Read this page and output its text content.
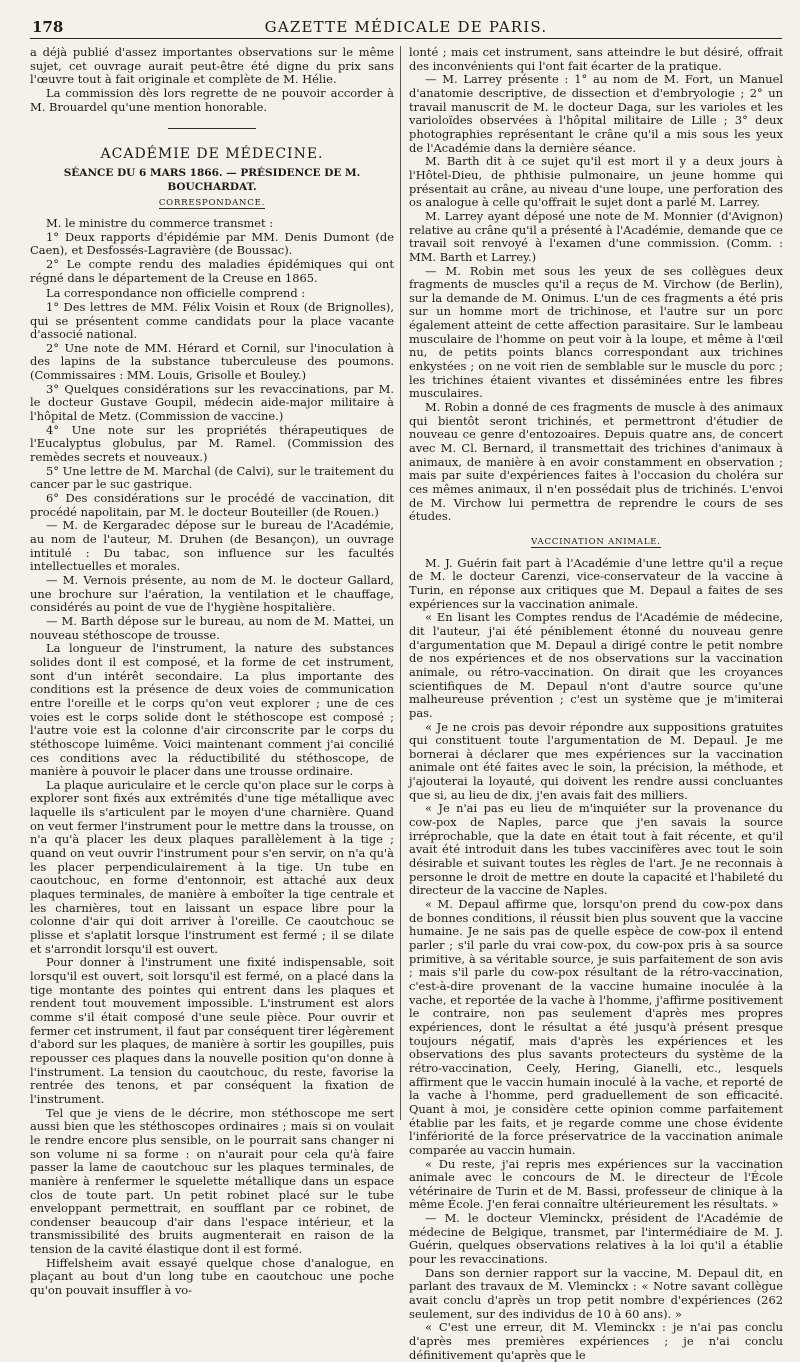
178	GAZETTE MÉDICALE DE PARIS.

a déjà publié d'assez importantes observations sur le même sujet, cet ouvrage aurait peut-être été digne du prix sans l'œuvre tout à fait originale et complète de M. Hélie.

La commission dès lors regrette de ne pouvoir accorder à M. Brouardel qu'une mention honorable.

ACADÉMIE DE MÉDECINE.

SÉANCE DU 6 MARS 1866. — PRÉSIDENCE DE M. BOUCHARDAT.

CORRESPONDANCE.

M. le ministre du commerce transmet :

1° Deux rapports d'épidémie par MM. Denis Dumont (de Caen), et Desfossés-Lagravière (de Boussac).

2° Le compte rendu des maladies épidémiques qui ont régné dans le département de la Creuse en 1865.

La correspondance non officielle comprend :

1° Des lettres de MM. Félix Voisin et Roux (de Brignolles), qui se présentent comme candidats pour la place vacante d'associé national.

2° Une note de MM. Hérard et Cornil, sur l'inoculation à des lapins de la substance tuberculeuse des poumons. (Commissaires : MM. Louis, Grisolle et Bouley.)

3° Quelques considérations sur les revaccinations, par M. le docteur Gustave Goupil, médecin aide-major militaire à l'hôpital de Metz. (Commission de vaccine.)

4° Une note sur les propriétés thérapeutiques de l'Eucalyptus globulus, par M. Ramel. (Commission des remèdes secrets et nouveaux.)

5° Une lettre de M. Marchal (de Calvi), sur le traitement du cancer par le suc gastrique.

6° Des considérations sur le procédé de vaccination, dit procédé napolitain, par M. le docteur Bouteiller (de Rouen.)

— M. de Kergaradec dépose sur le bureau de l'Académie, au nom de l'auteur, M. Druhen (de Besançon), un ouvrage intitulé : Du tabac, son influence sur les facultés intellectuelles et morales.

— M. Vernois présente, au nom de M. le docteur Gallard, une brochure sur l'aération, la ventilation et le chauffage, considérés au point de vue de l'hygiène hospitalière.

— M. Barth dépose sur le bureau, au nom de M. Mattei, un nouveau stéthoscope de trousse.

La longueur de l'instrument, la nature des substances solides dont il est composé, et la forme de cet instrument, sont d'un intérêt secondaire. La plus importante des conditions est la présence de deux voies de communication entre l'oreille et le corps qu'on veut explorer ; une de ces voies est le corps solide dont le stéthoscope est composé ; l'autre voie est la colonne d'air circonscrite par le corps du stéthoscope luimême. Voici maintenant comment j'ai concilié ces conditions avec la réductibilité du stéthoscope, de manière à pouvoir le placer dans une trousse ordinaire.

La plaque auriculaire et le cercle qu'on place sur le corps à explorer sont fixés aux extrémités d'une tige métallique avec laquelle ils s'articulent par le moyen d'une charnière. Quand on veut fermer l'instrument pour le mettre dans la trousse, on n'a qu'à placer les deux plaques parallèlement à la tige ; quand on veut ouvrir l'instrument pour s'en servir, on n'a qu'à les placer perpendiculairement à la tige. Un tube en caoutchouc, en forme d'entonnoir, est attaché aux deux plaques terminales, de manière à emboîter la tige centrale et les charnières, tout en laissant un espace libre pour la colonne d'air qui doit arriver à l'oreille. Ce caoutchouc se plisse et s'aplatit lorsque l'instrument est fermé ; il se dilate et s'arrondit lorsqu'il est ouvert.

Pour donner à l'instrument une fixité indispensable, soit lorsqu'il est ouvert, soit lorsqu'il est fermé, on a placé dans la tige montante des pointes qui entrent dans les plaques et rendent tout mouvement impossible. L'instrument est alors comme s'il était composé d'une seule pièce. Pour ouvrir et fermer cet instrument, il faut par conséquent tirer légèrement d'abord sur les plaques, de manière à sortir les goupilles, puis repousser ces plaques dans la nouvelle position qu'on donne à l'instrument. La tension du caoutchouc, du reste, favorise la rentrée des tenons, et par conséquent la fixation de l'instrument.

Tel que je viens de le décrire, mon stéthoscope me sert aussi bien que les stéthoscopes ordinaires ; mais si on voulait le rendre encore plus sensible, on le pourrait sans changer ni son volume ni sa forme : on n'aurait pour cela qu'à faire passer la lame de caoutchouc sur les plaques terminales, de manière à renfermer le squelette métallique dans un espace clos de toute part. Un petit robinet placé sur le tube enveloppant permettrait, en soufflant par ce robinet, de condenser beaucoup d'air dans l'espace intérieur, et la transmissibilité des bruits augmenterait en raison de la tension de la cavité élastique dont il est formé.

Hiffelsheim avait essayé quelque chose d'analogue, en plaçant au bout d'un long tube en caoutchouc une poche qu'on pouvait insuffler à vo-

lonté ; mais cet instrument, sans atteindre le but désiré, offrait des inconvénients qui l'ont fait écarter de la pratique.

— M. Larrey présente : 1° au nom de M. Fort, un Manuel d'anatomie descriptive, de dissection et d'embryologie ; 2° un travail manuscrit de M. le docteur Daga, sur les varioles et les varioloïdes observées à l'hôpital militaire de Lille ; 3° deux photographies représentant le crâne qu'il a mis sous les yeux de l'Académie dans la dernière séance.

M. Barth dit à ce sujet qu'il est mort il y a deux jours à l'Hôtel-Dieu, de phthisie pulmonaire, un jeune homme qui présentait au crâne, au niveau d'une loupe, une perforation des os analogue à celle qu'offrait le sujet dont a parlé M. Larrey.

M. Larrey ayant déposé une note de M. Monnier (d'Avignon) relative au crâne qu'il a présenté à l'Académie, demande que ce travail soit renvoyé à l'examen d'une commission. (Comm. : MM. Barth et Larrey.)

— M. Robin met sous les yeux de ses collègues deux fragments de muscles qu'il a reçus de M. Virchow (de Berlin), sur la demande de M. Onimus. L'un de ces fragments a été pris sur un homme mort de trichinose, et l'autre sur un porc également atteint de cette affection parasitaire. Sur le lambeau musculaire de l'homme on peut voir à la loupe, et même à l'œil nu, de petits points blancs correspondant aux trichines enkystées ; on ne voit rien de semblable sur le muscle du porc ; les trichines étaient vivantes et disséminées entre les fibres musculaires.

M. Robin a donné de ces fragments de muscle à des animaux qui bientôt seront trichinés, et permettront d'étudier de nouveau ce genre d'entozoaires. Depuis quatre ans, de concert avec M. Cl. Bernard, il transmettait des trichines d'animaux à animaux, de manière à en avoir constamment en observation ; mais par suite d'expériences faites à l'occasion du choléra sur ces mêmes animaux, il n'en possédait plus de trichinés. L'envoi de M. Virchow lui permettra de reprendre le cours de ses études.

VACCINATION ANIMALE.

M. J. Guérin fait part à l'Académie d'une lettre qu'il a reçue de M. le docteur Carenzi, vice-conservateur de la vaccine à Turin, en réponse aux critiques que M. Depaul a faites de ses expériences sur la vaccination animale.

« En lisant les Comptes rendus de l'Académie de médecine, dit l'auteur, j'ai été péniblement étonné du nouveau genre d'argumentation que M. Depaul a dirigé contre le petit nombre de nos expériences et de nos observations sur la vaccination animale, ou rétro-vaccination. On dirait que les croyances scientifiques de M. Depaul n'ont d'autre source qu'une malheureuse prévention ; c'est un système que je m'imiterai pas.

« Je ne crois pas devoir répondre aux suppositions gratuites qui constituent toute l'argumentation de M. Depaul. Je me bornerai à déclarer que mes expériences sur la vaccination animale ont été faites avec le soin, la précision, la méthode, et j'ajouterai la loyauté, qui doivent les rendre aussi concluantes que si, au lieu de dix, j'en avais fait des milliers.

« Je n'ai pas eu lieu de m'inquiéter sur la provenance du cow-pox de Naples, parce que j'en savais la source irréprochable, que la date en était tout à fait récente, et qu'il avait été introduit dans les tubes vaccinifères avec tout le soin désirable et suivant toutes les règles de l'art. Je ne reconnais à personne le droit de mettre en doute la capacité et l'habileté du directeur de la vaccine de Naples.

« M. Depaul affirme que, lorsqu'on prend du cow-pox dans de bonnes conditions, il réussit bien plus souvent que la vaccine humaine. Je ne sais pas de quelle espèce de cow-pox il entend parler ; s'il parle du vrai cow-pox, du cow-pox pris à sa source primitive, à sa véritable source, je suis parfaitement de son avis ; mais s'il parle du cow-pox résultant de la rétro-vaccination, c'est-à-dire provenant de la vaccine humaine inoculée à la vache, et reportée de la vache à l'homme, j'affirme positivement le contraire, non pas seulement d'après mes propres expériences, dont le résultat a été jusqu'à présent presque toujours négatif, mais d'après les expériences et les observations des plus savants protecteurs du système de la rétro-vaccination, Ceely, Hering, Gianelli, etc., lesquels affirment que le vaccin humain inoculé à la vache, et reporté de la vache à l'homme, perd graduellement de son efficacité. Quant à moi, je considère cette opinion comme parfaitement établie par les faits, et je regarde comme une chose évidente l'infériorité de la force préservatrice de la vaccination animale comparée au vaccin humain.

« Du reste, j'ai repris mes expériences sur la vaccination animale avec le concours de M. le directeur de l'École vétérinaire de Turin et de M. Bassi, professeur de clinique à la même École. J'en ferai connaître ultérieurement les résultats. »

— M. le docteur Vleminckx, président de l'Académie de médecine de Belgique, transmet, par l'intermédiaire de M. J. Guérin, quelques observations relatives à la loi qu'il a établie pour les revaccinations.

Dans son dernier rapport sur la vaccine, M. Depaul dit, en parlant des travaux de M. Vleminckx : « Notre savant collègue avait conclu d'après un trop petit nombre d'expériences (262 seulement, sur des individus de 10 à 60 ans). »

« C'est une erreur, dit M. Vleminckx : je n'ai pas conclu d'après mes premières expériences ; je n'ai conclu définitivement qu'après que le
